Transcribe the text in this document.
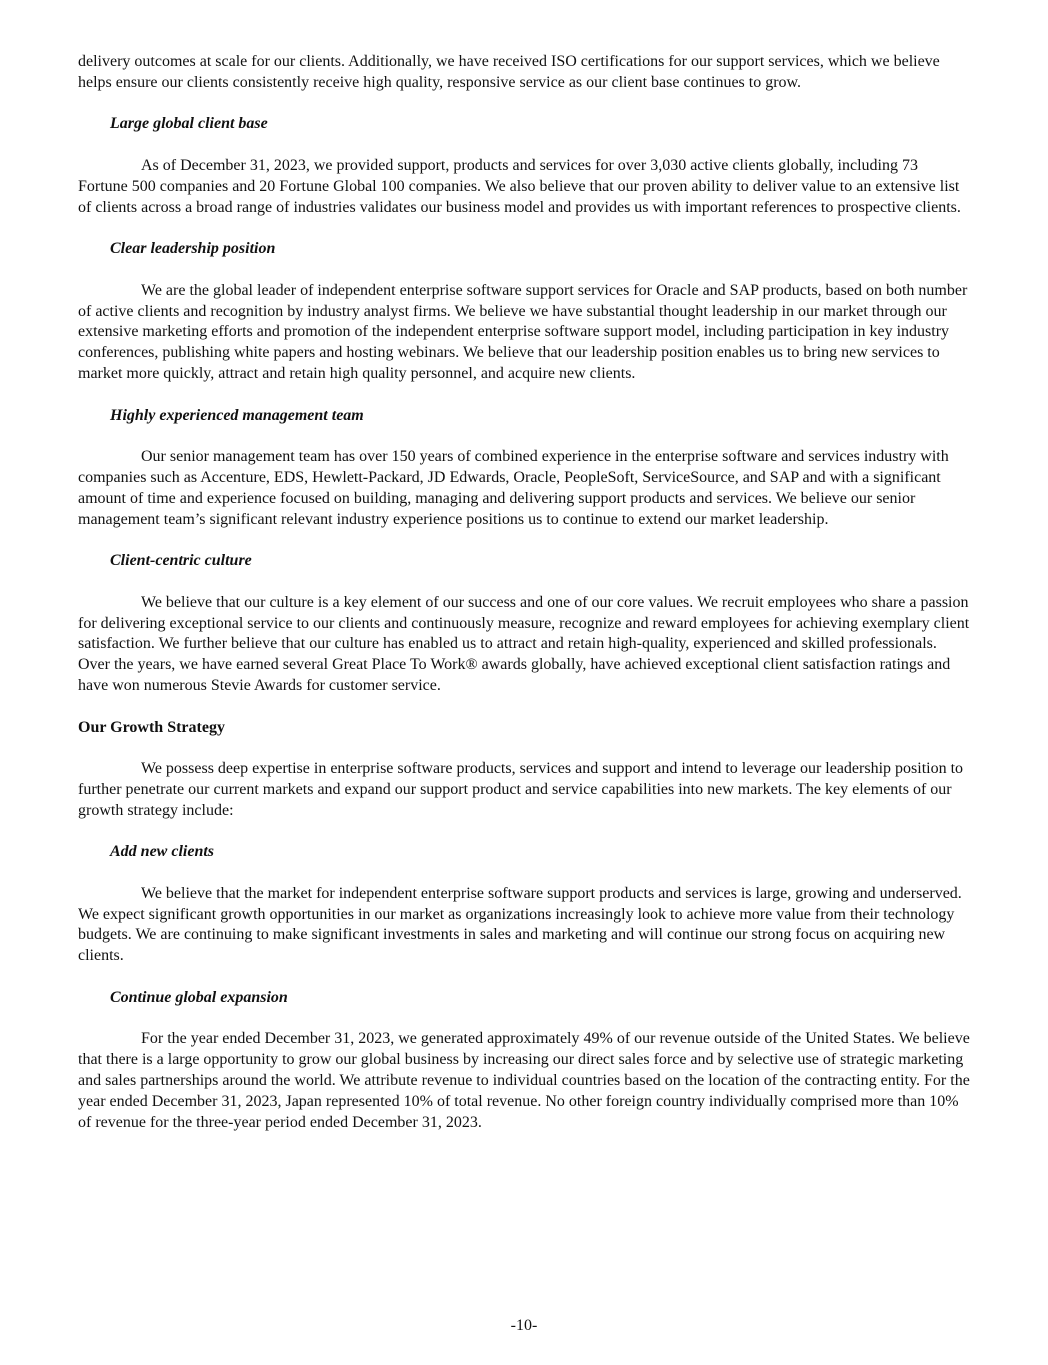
delivery outcomes at scale for our clients. Additionally, we have received ISO certifications for our support services, which we believe helps ensure our clients consistently receive high quality, responsive service as our client base continues to grow.

Large global client base

As of December 31, 2023, we provided support, products and services for over 3,030 active clients globally, including 73 Fortune 500 companies and 20 Fortune Global 100 companies. We also believe that our proven ability to deliver value to an extensive list of clients across a broad range of industries validates our business model and provides us with important references to prospective clients.

Clear leadership position

We are the global leader of independent enterprise software support services for Oracle and SAP products, based on both number of active clients and recognition by industry analyst firms. We believe we have substantial thought leadership in our market through our extensive marketing efforts and promotion of the independent enterprise software support model, including participation in key industry conferences, publishing white papers and hosting webinars. We believe that our leadership position enables us to bring new services to market more quickly, attract and retain high quality personnel, and acquire new clients.

Highly experienced management team

Our senior management team has over 150 years of combined experience in the enterprise software and services industry with companies such as Accenture, EDS, Hewlett-Packard, JD Edwards, Oracle, PeopleSoft, ServiceSource, and SAP and with a significant amount of time and experience focused on building, managing and delivering support products and services. We believe our senior management team’s significant relevant industry experience positions us to continue to extend our market leadership.

Client-centric culture

We believe that our culture is a key element of our success and one of our core values. We recruit employees who share a passion for delivering exceptional service to our clients and continuously measure, recognize and reward employees for achieving exemplary client satisfaction. We further believe that our culture has enabled us to attract and retain high-quality, experienced and skilled professionals. Over the years, we have earned several Great Place To Work® awards globally, have achieved exceptional client satisfaction ratings and have won numerous Stevie Awards for customer service.

Our Growth Strategy

We possess deep expertise in enterprise software products, services and support and intend to leverage our leadership position to further penetrate our current markets and expand our support product and service capabilities into new markets. The key elements of our growth strategy include:

Add new clients

We believe that the market for independent enterprise software support products and services is large, growing and underserved. We expect significant growth opportunities in our market as organizations increasingly look to achieve more value from their technology budgets. We are continuing to make significant investments in sales and marketing and will continue our strong focus on acquiring new clients.

Continue global expansion

For the year ended December 31, 2023, we generated approximately 49% of our revenue outside of the United States. We believe that there is a large opportunity to grow our global business by increasing our direct sales force and by selective use of strategic marketing and sales partnerships around the world. We attribute revenue to individual countries based on the location of the contracting entity. For the year ended December 31, 2023, Japan represented 10% of total revenue. No other foreign country individually comprised more than 10% of revenue for the three-year period ended December 31, 2023.

-10-
